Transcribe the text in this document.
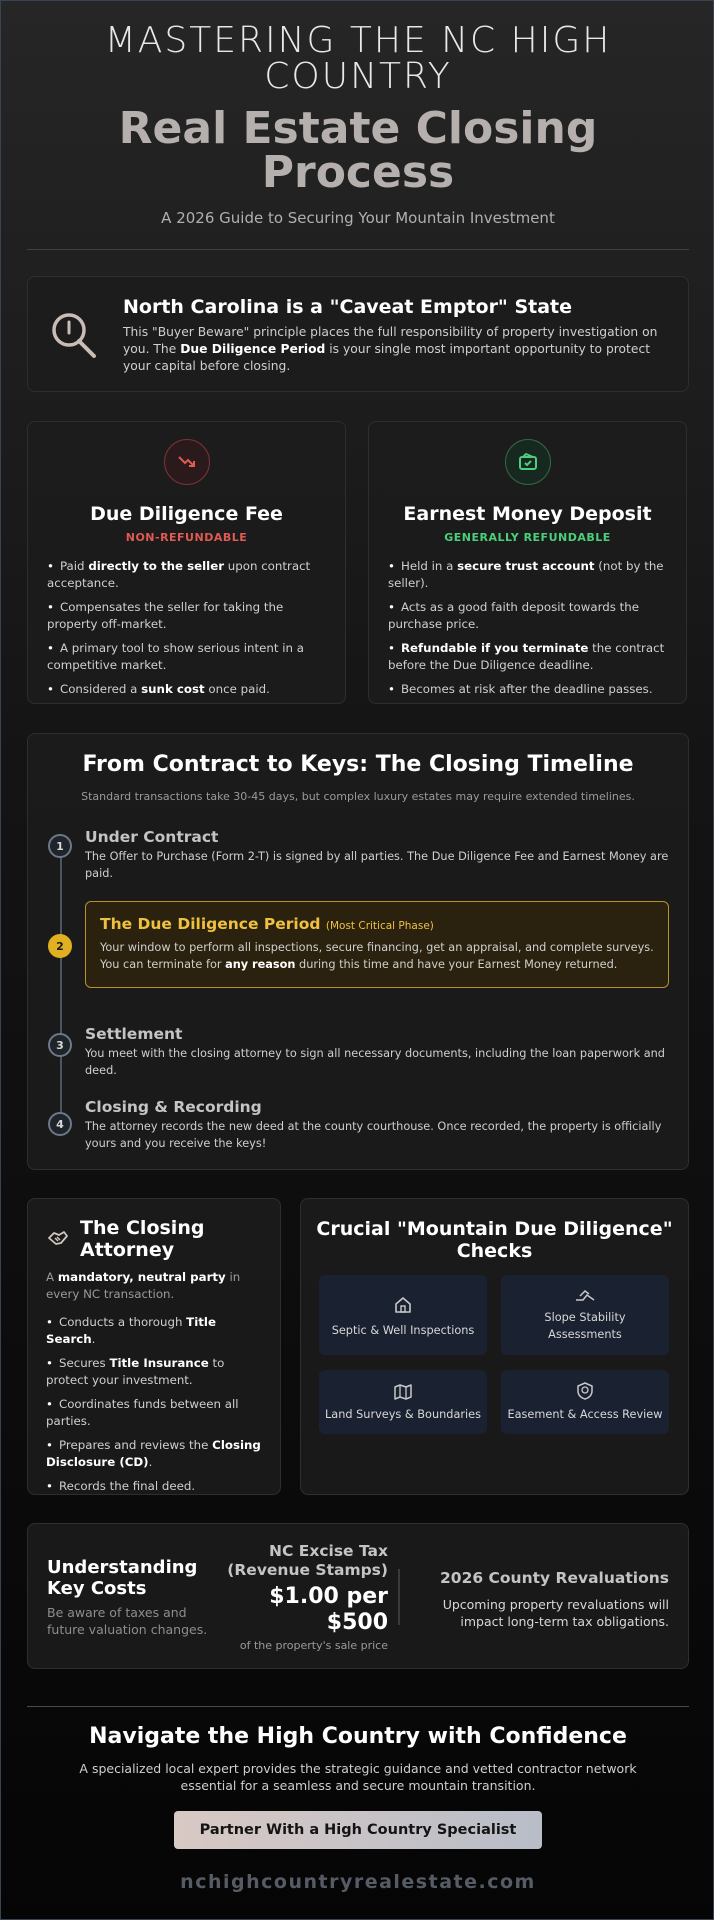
MASTERING THE NC HIGH COUNTRY
Real Estate Closing Process
A 2026 Guide to Securing Your Mountain Investment
North Carolina is a "Caveat Emptor" State

This "Buyer Beware" principle places the full responsibility of property investigation on you. The Due Diligence Period is your single most important opportunity to protect your capital before closing.

Due Diligence Fee
NON-REFUNDABLE
• Paid directly to the seller upon contract acceptance.
• Compensates the seller for taking the property off-market.
• A primary tool to show serious intent in a competitive market.
• Considered a sunk cost once paid.
Earnest Money Deposit
GENERALLY REFUNDABLE
• Held in a secure trust account (not by the seller).
• Acts as a good faith deposit towards the purchase price.
• Refundable if you terminate the contract before the Due Diligence deadline.
• Becomes at risk after the deadline passes.
From Contract to Keys: The Closing Timeline
Standard transactions take 30-45 days, but complex luxury estates may require extended timelines.
1	Under Contract

The Offer to Purchase (Form 2-T) is signed by all parties. The Due Diligence Fee and Earnest Money are paid.

2
The Due Diligence Period (Most Critical Phase)

Your window to perform all inspections, secure financing, get an appraisal, and complete surveys. You can terminate for any reason during this time and have your Earnest Money returned.

3
Settlement

You meet with the closing attorney to sign all necessary documents, including the loan paperwork and deed.

4
Closing & Recording

The attorney records the new deed at the county courthouse. Once recorded, the property is officially yours and you receive the keys!

The Closing Attorney
A mandatory, neutral party in every NC transaction.
• Conducts a thorough Title Search.
• Secures Title Insurance to protect your investment.
• Coordinates funds between all parties.
• Prepares and reviews the Closing Disclosure (CD).
• Records the final deed.
Crucial "Mountain Due Diligence" Checks
Septic & Well Inspections
Slope Stability Assessments
Land Surveys & Boundaries Easement & Access Review
Understanding Key Costs

Be aware of taxes and future valuation changes.

NC Excise Tax (Revenue Stamps)
$1.00 per $500
of the property's sale price
2026 County Revaluations
Upcoming property revaluations will impact long-term tax obligations.
Navigate the High Country with Confidence

A specialized local expert provides the strategic guidance and vetted contractor network essential for a seamless and secure mountain transition.

Partner With a High Country Specialist
nchighcountryrealestate.com
